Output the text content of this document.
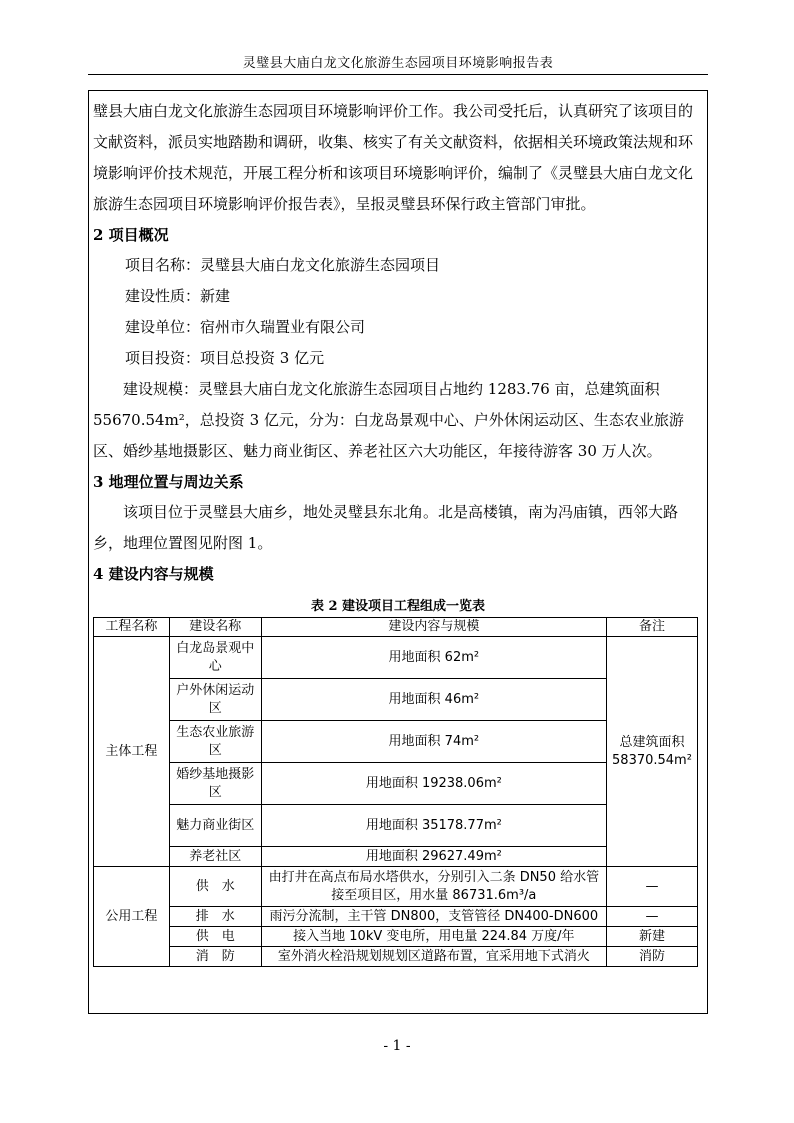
灵璧县大庙白龙文化旅游生态园项目环境影响报告表

璧县大庙白龙文化旅游生态园项目环境影响评价工作。我公司受托后，认真研究了该项目的文献资料，派员实地踏勘和调研，收集、核实了有关文献资料，依据相关环境政策法规和环境影响评价技术规范，开展工程分析和该项目环境影响评价，编制了《灵璧县大庙白龙文化旅游生态园项目环境影响评价报告表》，呈报灵璧县环保行政主管部门审批。

2 项目概况

项目名称：灵璧县大庙白龙文化旅游生态园项目

建设性质：新建

建设单位：宿州市久瑞置业有限公司

项目投资：项目总投资 3 亿元

建设规模：灵璧县大庙白龙文化旅游生态园项目占地约 1283.76 亩，总建筑面积 55670.54m²，总投资 3 亿元，分为：白龙岛景观中心、户外休闲运动区、生态农业旅游区、婚纱基地摄影区、魅力商业街区、养老社区六大功能区，年接待游客 30 万人次。

3 地理位置与周边关系

该项目位于灵璧县大庙乡，地处灵璧县东北角。北是高楼镇，南为冯庙镇，西邻大路乡，地理位置图见附图 1。

4 建设内容与规模

表 2 建设项目工程组成一览表
工程名称	建设名称	建设内容与规模	备注
主体工程	白龙岛景观中心	用地面积 62m²	总建筑面积 58370.54m²
	户外休闲运动区	用地面积 46m²	
	生态农业旅游区	用地面积 74m²	
	婚纱基地摄影区	用地面积 19238.06m²	
	魅力商业街区	用地面积 35178.77m²	
	养老社区	用地面积 29627.49m²	
公用工程	供　水	由打井在高点布局水塔供水，分别引入二条 DN50 给水管接至项目区，用水量 86731.6m³/a	—
	排　水	雨污分流制，主干管 DN800，支管管径 DN400-DN600	—
	供　电	接入当地 10kV 变电所，用电量 224.84 万度/年	新建
	消　防	室外消火栓沿规划规划区道路布置，宜采用地下式消火	消防
- 1 -
